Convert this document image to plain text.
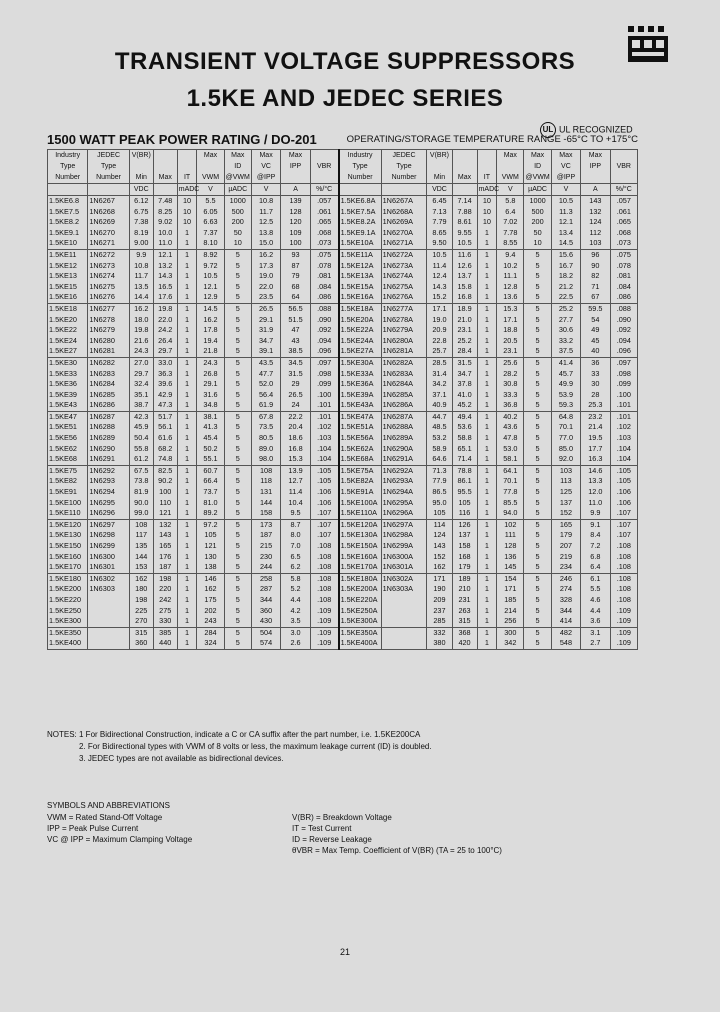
TRANSIENT VOLTAGE SUPPRESSORS
1.5KE AND JEDEC SERIES
UL UL RECOGNIZED
1500 WATT PEAK POWER RATING / DO-201	OPERATING/STORAGE TEMPERATURE RANGE -65°C TO +175°C
Industry	JEDEC	V(BR)			Max	Max	Max	Max		Industry	JEDEC	V(BR)			Max	Max	Max	Max	
Type	Type					ID	VC	IPP	VBR	Type	Type					ID	VC	IPP	VBR
Number	Number	Min	Max	IT	VWM	@VWM	@IPP			Number	Number	Min	Max	IT	VWM	@VWM	@IPP		
		VDC		mADC	V	µADC	V	A	%/°C			VDC		mADC	V	µADC	V	A	%/°C
1.5KE6.8	1N6267	6.12	7.48	10	5.5	1000	10.8	139	.057	1.5KE6.8A	1N6267A	6.45	7.14	10	5.8	1000	10.5	143	.057
1.5KE7.5	1N6268	6.75	8.25	10	6.05	500	11.7	128	.061	1.5KE7.5A	1N6268A	7.13	7.88	10	6.4	500	11.3	132	.061
1.5KE8.2	1N6269	7.38	9.02	10	6.63	200	12.5	120	.065	1.5KE8.2A	1N6269A	7.79	8.61	10	7.02	200	12.1	124	.065
1.5KE9.1	1N6270	8.19	10.0	1	7.37	50	13.8	109	.068	1.5KE9.1A	1N6270A	8.65	9.55	1	7.78	50	13.4	112	.068
1.5KE10	1N6271	9.00	11.0	1	8.10	10	15.0	100	.073	1.5KE10A	1N6271A	9.50	10.5	1	8.55	10	14.5	103	.073
1.5KE11	1N6272	9.9	12.1	1	8.92	5	16.2	93	.075	1.5KE11A	1N6272A	10.5	11.6	1	9.4	5	15.6	96	.075
1.5KE12	1N6273	10.8	13.2	1	9.72	5	17.3	87	.078	1.5KE12A	1N6273A	11.4	12.6	1	10.2	5	16.7	90	.078
1.5KE13	1N6274	11.7	14.3	1	10.5	5	19.0	79	.081	1.5KE13A	1N6274A	12.4	13.7	1	11.1	5	18.2	82	.081
1.5KE15	1N6275	13.5	16.5	1	12.1	5	22.0	68	.084	1.5KE15A	1N6275A	14.3	15.8	1	12.8	5	21.2	71	.084
1.5KE16	1N6276	14.4	17.6	1	12.9	5	23.5	64	.086	1.5KE16A	1N6276A	15.2	16.8	1	13.6	5	22.5	67	.086
1.5KE18	1N6277	16.2	19.8	1	14.5	5	26.5	56.5	.088	1.5KE18A	1N6277A	17.1	18.9	1	15.3	5	25.2	59.5	.088
1.5KE20	1N6278	18.0	22.0	1	16.2	5	29.1	51.5	.090	1.5KE20A	1N6278A	19.0	21.0	1	17.1	5	27.7	54	.090
1.5KE22	1N6279	19.8	24.2	1	17.8	5	31.9	47	.092	1.5KE22A	1N6279A	20.9	23.1	1	18.8	5	30.6	49	.092
1.5KE24	1N6280	21.6	26.4	1	19.4	5	34.7	43	.094	1.5KE24A	1N6280A	22.8	25.2	1	20.5	5	33.2	45	.094
1.5KE27	1N6281	24.3	29.7	1	21.8	5	39.1	38.5	.096	1.5KE27A	1N6281A	25.7	28.4	1	23.1	5	37.5	40	.096
1.5KE30	1N6282	27.0	33.0	1	24.3	5	43.5	34.5	.097	1.5KE30A	1N6282A	28.5	31.5	1	25.6	5	41.4	36	.097
1.5KE33	1N6283	29.7	36.3	1	26.8	5	47.7	31.5	.098	1.5KE33A	1N6283A	31.4	34.7	1	28.2	5	45.7	33	.098
1.5KE36	1N6284	32.4	39.6	1	29.1	5	52.0	29	.099	1.5KE36A	1N6284A	34.2	37.8	1	30.8	5	49.9	30	.099
1.5KE39	1N6285	35.1	42.9	1	31.6	5	56.4	26.5	.100	1.5KE39A	1N6285A	37.1	41.0	1	33.3	5	53.9	28	.100
1.5KE43	1N6286	38.7	47.3	1	34.8	5	61.9	24	.101	1.5KE43A	1N6286A	40.9	45.2	1	36.8	5	59.3	25.3	.101
1.5KE47	1N6287	42.3	51.7	1	38.1	5	67.8	22.2	.101	1.5KE47A	1N6287A	44.7	49.4	1	40.2	5	64.8	23.2	.101
1.5KE51	1N6288	45.9	56.1	1	41.3	5	73.5	20.4	.102	1.5KE51A	1N6288A	48.5	53.6	1	43.6	5	70.1	21.4	.102
1.5KE56	1N6289	50.4	61.6	1	45.4	5	80.5	18.6	.103	1.5KE56A	1N6289A	53.2	58.8	1	47.8	5	77.0	19.5	.103
1.5KE62	1N6290	55.8	68.2	1	50.2	5	89.0	16.8	.104	1.5KE62A	1N6290A	58.9	65.1	1	53.0	5	85.0	17.7	.104
1.5KE68	1N6291	61.2	74.8	1	55.1	5	98.0	15.3	.104	1.5KE68A	1N6291A	64.6	71.4	1	58.1	5	92.0	16.3	.104
1.5KE75	1N6292	67.5	82.5	1	60.7	5	108	13.9	.105	1.5KE75A	1N6292A	71.3	78.8	1	64.1	5	103	14.6	.105
1.5KE82	1N6293	73.8	90.2	1	66.4	5	118	12.7	.105	1.5KE82A	1N6293A	77.9	86.1	1	70.1	5	113	13.3	.105
1.5KE91	1N6294	81.9	100	1	73.7	5	131	11.4	.106	1.5KE91A	1N6294A	86.5	95.5	1	77.8	5	125	12.0	.106
1.5KE100	1N6295	90.0	110	1	81.0	5	144	10.4	.106	1.5KE100A	1N6295A	95.0	105	1	85.5	5	137	11.0	.106
1.5KE110	1N6296	99.0	121	1	89.2	5	158	9.5	.107	1.5KE110A	1N6296A	105	116	1	94.0	5	152	9.9	.107
1.5KE120	1N6297	108	132	1	97.2	5	173	8.7	.107	1.5KE120A	1N6297A	114	126	1	102	5	165	9.1	.107
1.5KE130	1N6298	117	143	1	105	5	187	8.0	.107	1.5KE130A	1N6298A	124	137	1	111	5	179	8.4	.107
1.5KE150	1N6299	135	165	1	121	5	215	7.0	.108	1.5KE150A	1N6299A	143	158	1	128	5	207	7.2	.108
1.5KE160	1N6300	144	176	1	130	5	230	6.5	.108	1.5KE160A	1N6300A	152	168	1	136	5	219	6.8	.108
1.5KE170	1N6301	153	187	1	138	5	244	6.2	.108	1.5KE170A	1N6301A	162	179	1	145	5	234	6.4	.108
1.5KE180	1N6302	162	198	1	146	5	258	5.8	.108	1.5KE180A	1N6302A	171	189	1	154	5	246	6.1	.108
1.5KE200	1N6303	180	220	1	162	5	287	5.2	.108	1.5KE200A	1N6303A	190	210	1	171	5	274	5.5	.108
1.5KE220		198	242	1	175	5	344	4.4	.108	1.5KE220A		209	231	1	185	5	328	4.6	.108
1.5KE250		225	275	1	202	5	360	4.2	.109	1.5KE250A		237	263	1	214	5	344	4.4	.109
1.5KE300		270	330	1	243	5	430	3.5	.109	1.5KE300A		285	315	1	256	5	414	3.6	.109
1.5KE350		315	385	1	284	5	504	3.0	.109	1.5KE350A		332	368	1	300	5	482	3.1	.109
1.5KE400		360	440	1	324	5	574	2.6	.109	1.5KE400A		380	420	1	342	5	548	2.7	.109
NOTES: 1 For Bidirectional Construction, indicate a C or CA suffix after the part number, i.e. 1.5KE200CA
2. For Bidirectional types with VWM of 8 volts or less, the maximum leakage current (ID) is doubled.
3. JEDEC types are not available as bidirectional devices.
SYMBOLS AND ABBREVIATIONS
VWM = Rated Stand-Off Voltage
IPP = Peak Pulse Current
VC @ IPP = Maximum Clamping Voltage
V(BR) = Breakdown Voltage
IT = Test Current
ID = Reverse Leakage
θVBR = Max Temp. Coefficient of V(BR) (TA = 25 to 100°C)
21
